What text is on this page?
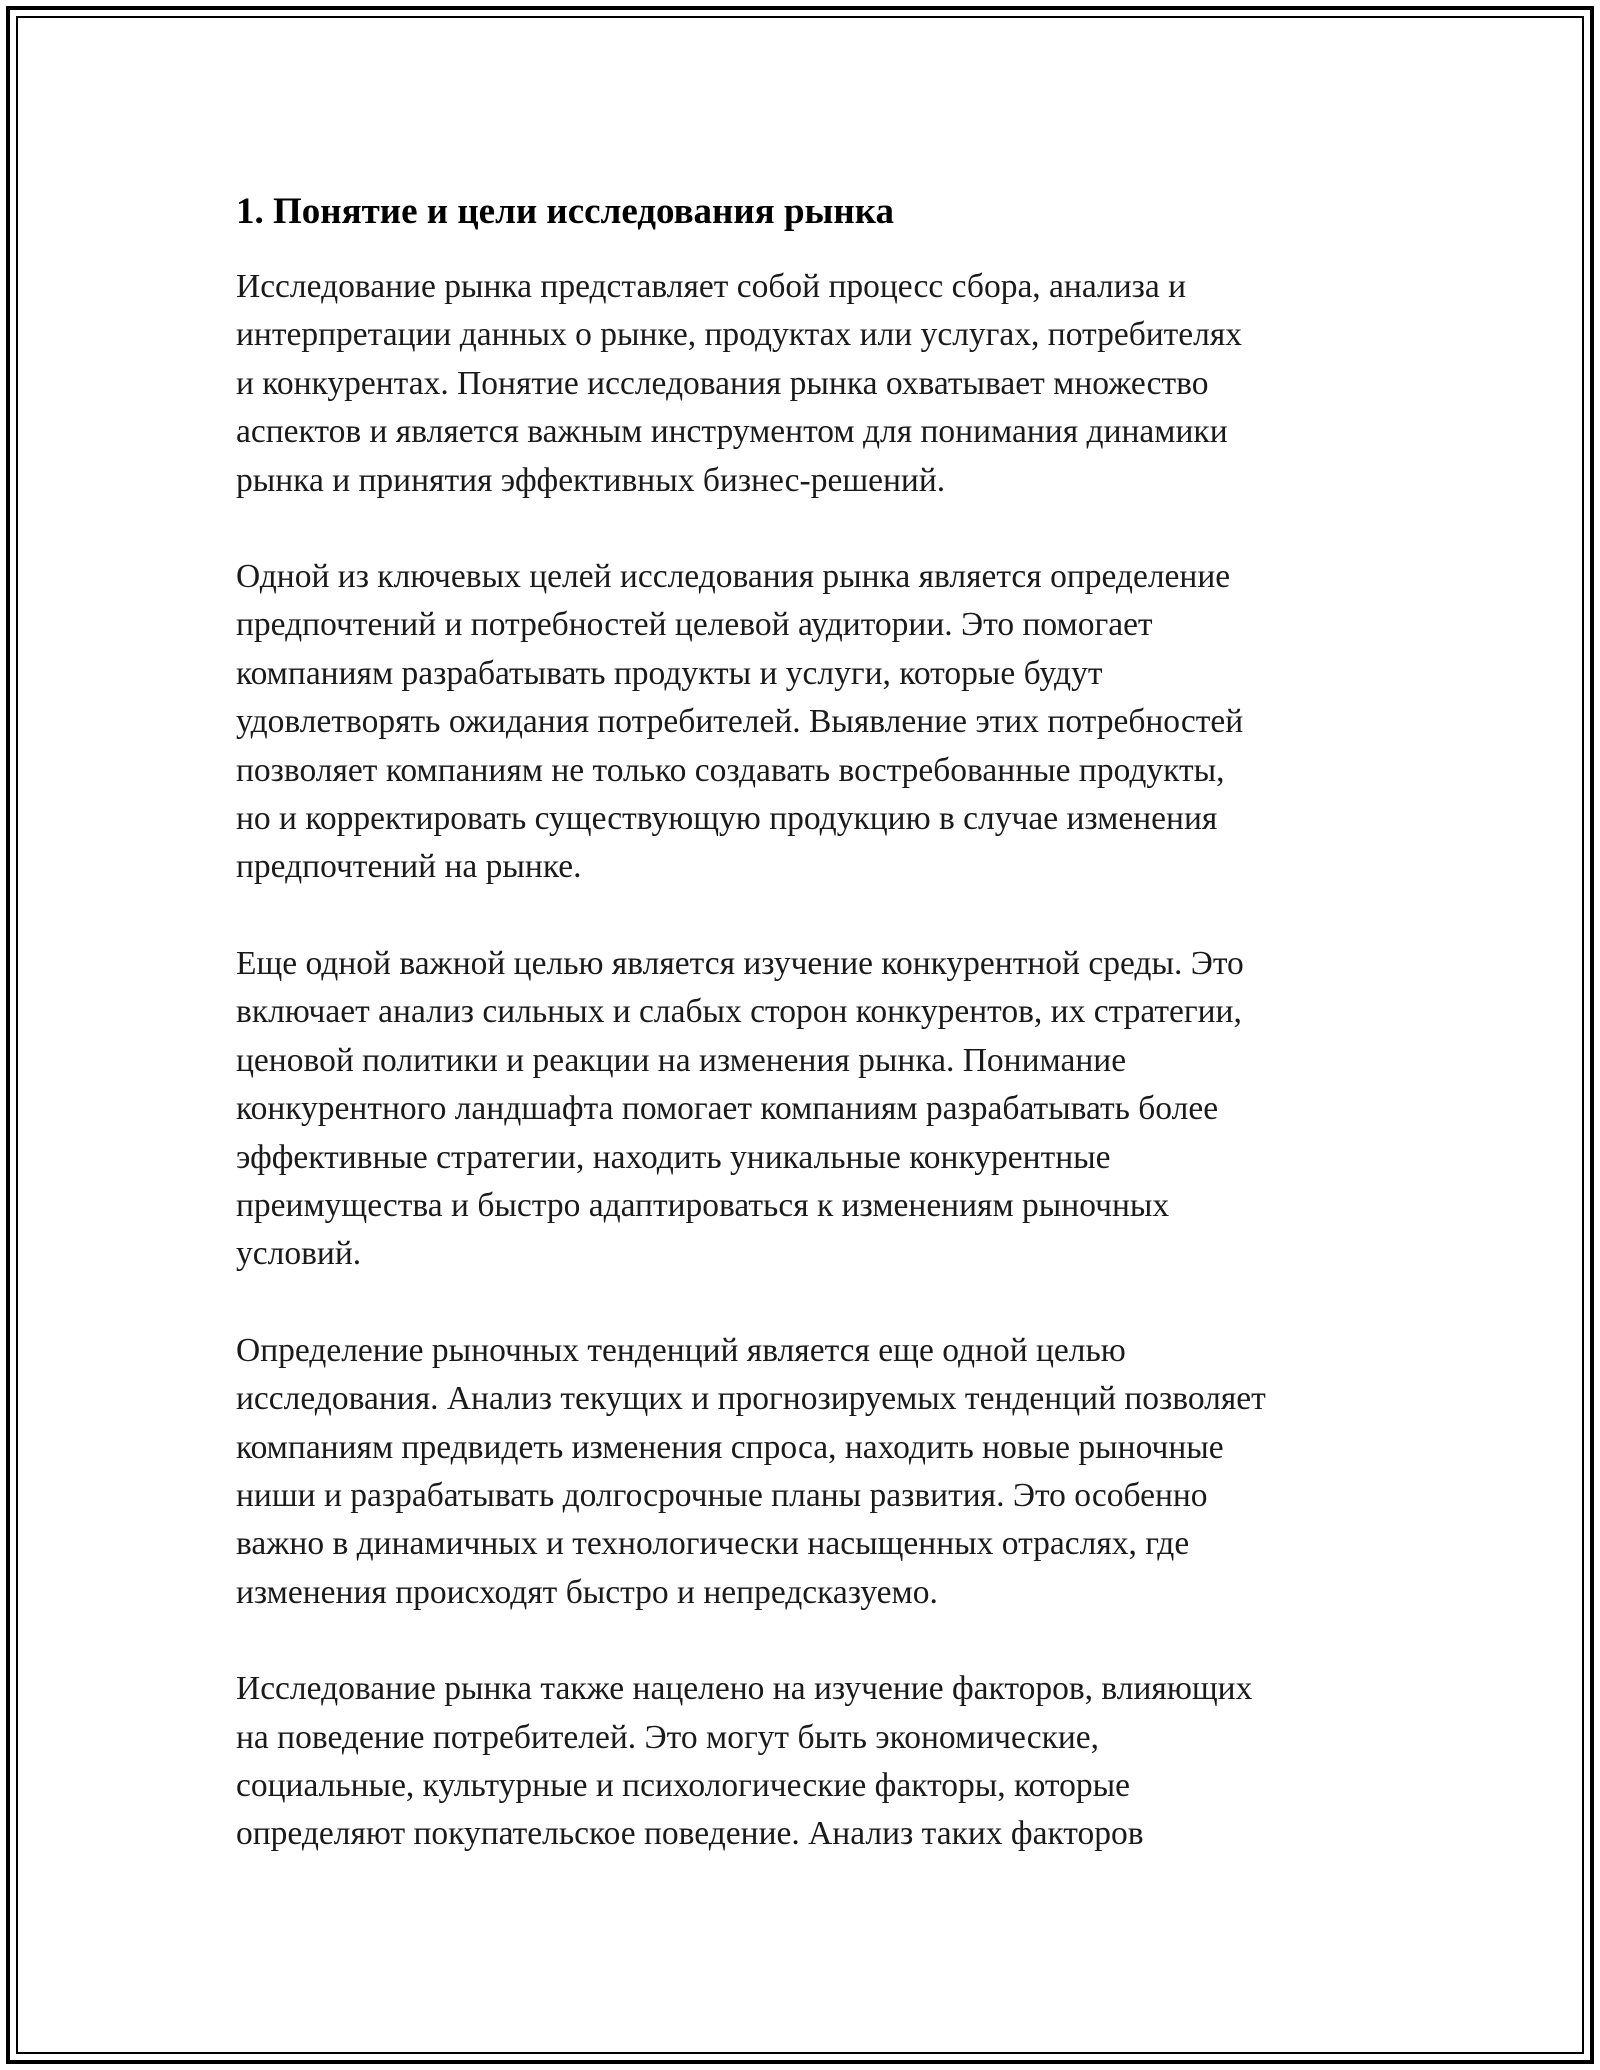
1. Понятие и цели исследования рынка
Исследование рынка представляет собой процесс сбора, анализа и
интерпретации данных о рынке, продуктах или услугах, потребителях
и конкурентах. Понятие исследования рынка охватывает множество
аспектов и является важным инструментом для понимания динамики
рынка и принятия эффективных бизнес-решений.
Одной из ключевых целей исследования рынка является определение
предпочтений и потребностей целевой аудитории. Это помогает
компаниям разрабатывать продукты и услуги, которые будут
удовлетворять ожидания потребителей. Выявление этих потребностей
позволяет компаниям не только создавать востребованные продукты,
но и корректировать существующую продукцию в случае изменения
предпочтений на рынке.
Еще одной важной целью является изучение конкурентной среды. Это
включает анализ сильных и слабых сторон конкурентов, их стратегии,
ценовой политики и реакции на изменения рынка. Понимание
конкурентного ландшафта помогает компаниям разрабатывать более
эффективные стратегии, находить уникальные конкурентные
преимущества и быстро адаптироваться к изменениям рыночных
условий.
Определение рыночных тенденций является еще одной целью
исследования. Анализ текущих и прогнозируемых тенденций позволяет
компаниям предвидеть изменения спроса, находить новые рыночные
ниши и разрабатывать долгосрочные планы развития. Это особенно
важно в динамичных и технологически насыщенных отраслях, где
изменения происходят быстро и непредсказуемо.
Исследование рынка также нацелено на изучение факторов, влияющих
на поведение потребителей. Это могут быть экономические,
социальные, культурные и психологические факторы, которые
определяют покупательское поведение. Анализ таких факторов
